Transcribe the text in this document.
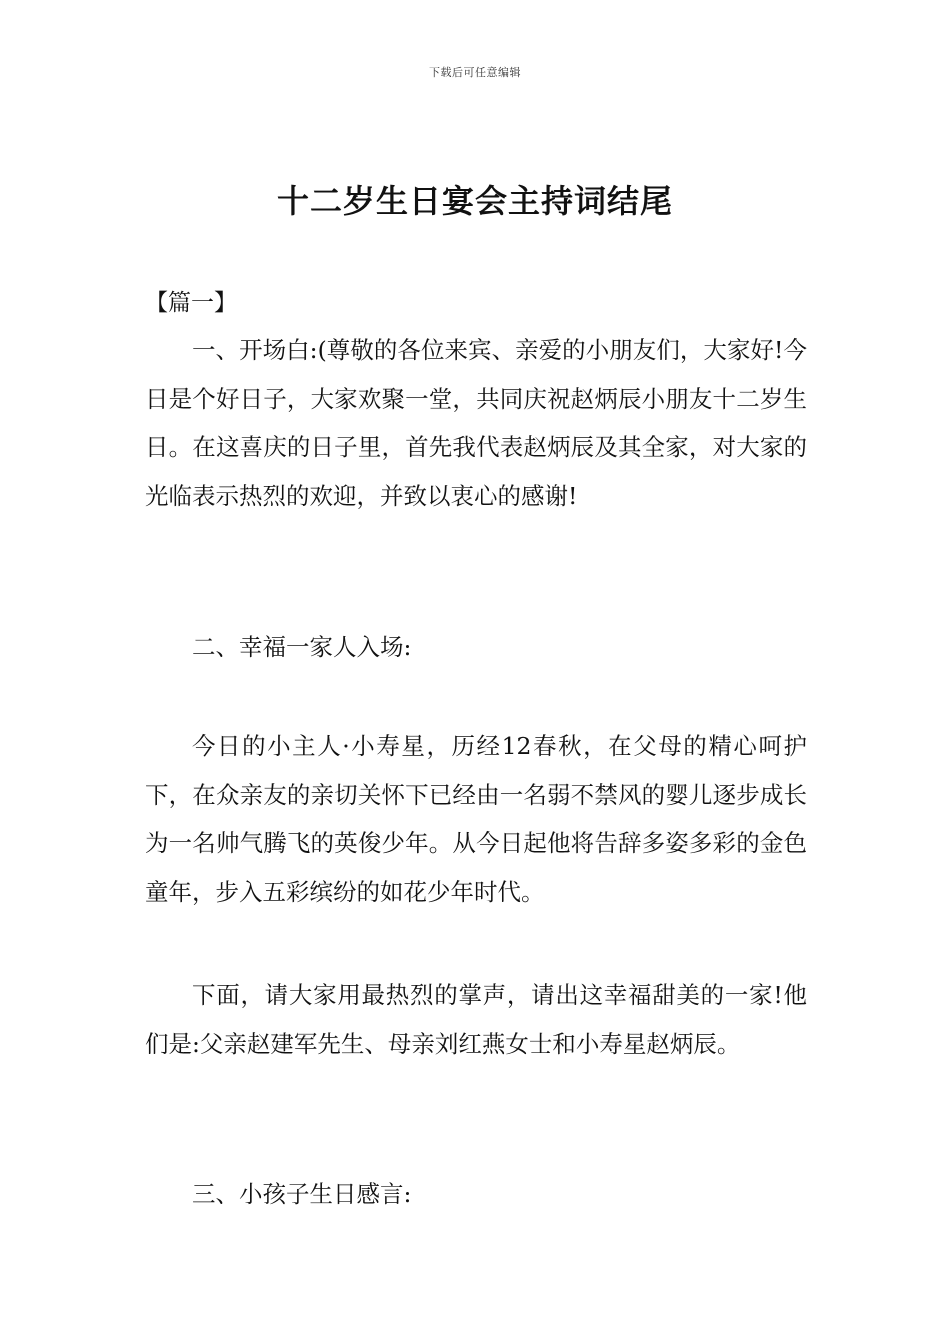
下载后可任意编辑
十二岁生日宴会主持词结尾
【篇一】

一、开场白:(尊敬的各位来宾、亲爱的小朋友们，大家好!今日是个好日子，大家欢聚一堂，共同庆祝赵炳辰小朋友十二岁生日。在这喜庆的日子里，首先我代表赵炳辰及其全家，对大家的光临表示热烈的欢迎，并致以衷心的感谢!

二、幸福一家人入场:

今日的小主人·小寿星，历经12春秋，在父母的精心呵护下，在众亲友的亲切关怀下已经由一名弱不禁风的婴儿逐步成长为一名帅气腾飞的英俊少年。从今日起他将告辞多姿多彩的金色童年，步入五彩缤纷的如花少年时代。

下面，请大家用最热烈的掌声，请出这幸福甜美的一家!他们是:父亲赵建军先生、母亲刘红燕女士和小寿星赵炳辰。

三、小孩子生日感言:
